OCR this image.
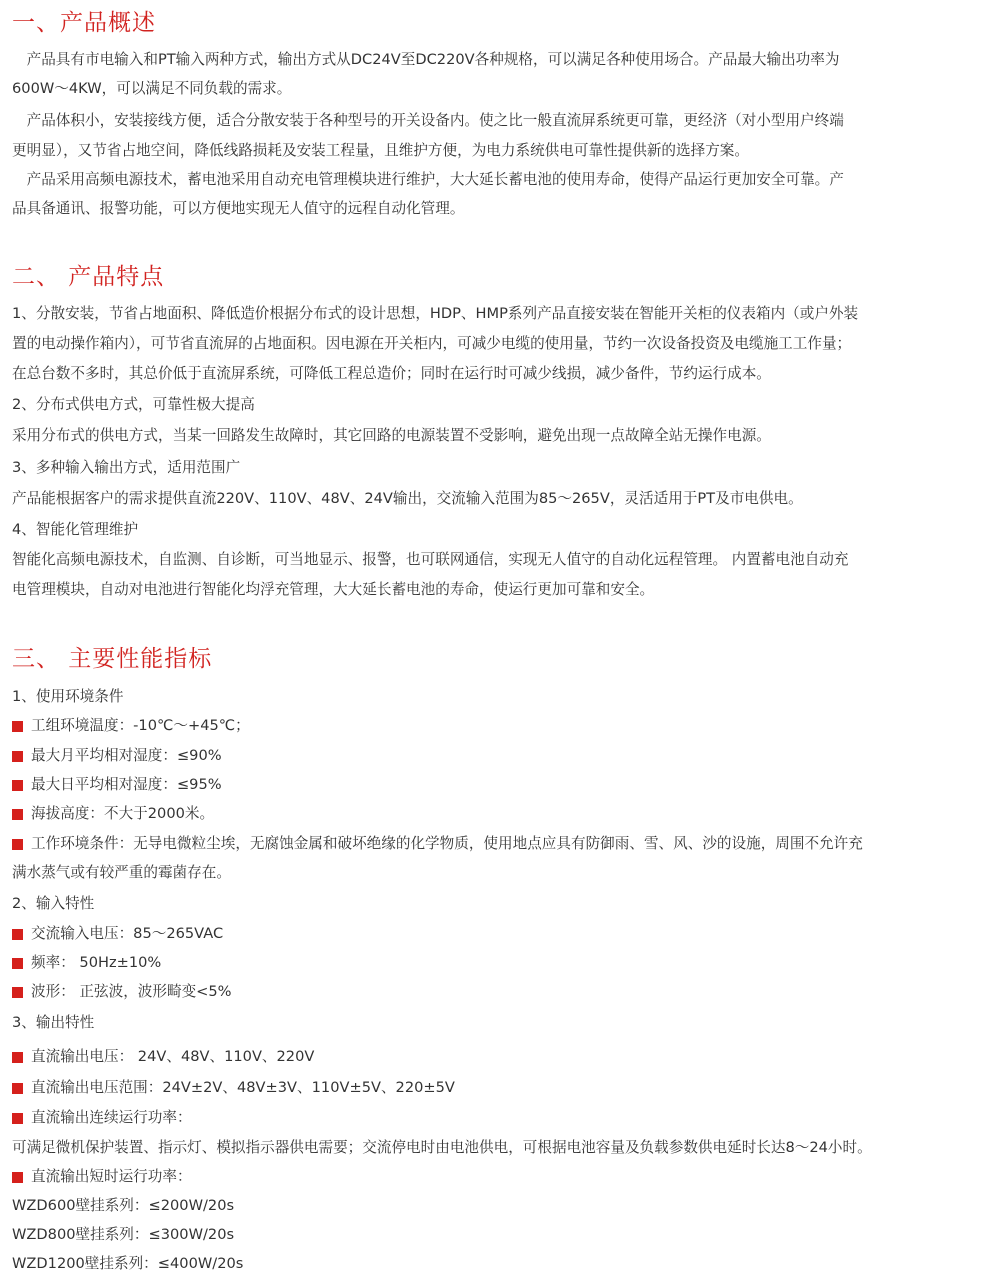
一、产品概述
　产品具有市电输入和PT输入两种方式，输出方式从DC24V至DC220V各种规格，可以满足各种使用场合。产品最大输出功率为
600W～4KW，可以满足不同负载的需求。
　产品体积小，安装接线方便，适合分散安装于各种型号的开关设备内。使之比一般直流屏系统更可靠，更经济（对小型用户终端
更明显），又节省占地空间，降低线路损耗及安装工程量，且维护方便，为电力系统供电可靠性提供新的选择方案。
　产品采用高频电源技术，蓄电池采用自动充电管理模块进行维护，大大延长蓄电池的使用寿命，使得产品运行更加安全可靠。产
品具备通讯、报警功能，可以方便地实现无人值守的远程自动化管理。
二、 产品特点
1、分散安装，节省占地面积、降低造价根据分布式的设计思想，HDP、HMP系列产品直接安装在智能开关柜的仪表箱内（或户外装
置的电动操作箱内），可节省直流屏的占地面积。因电源在开关柜内，可减少电缆的使用量，节约一次设备投资及电缆施工工作量；
在总台数不多时，其总价低于直流屏系统，可降低工程总造价；同时在运行时可减少线损，减少备件，节约运行成本。
2、分布式供电方式，可靠性极大提高
采用分布式的供电方式，当某一回路发生故障时，其它回路的电源装置不受影响，避免出现一点故障全站无操作电源。
3、多种输入输出方式，适用范围广
产品能根据客户的需求提供直流220V、110V、48V、24V输出，交流输入范围为85～265V，灵活适用于PT及市电供电。
4、智能化管理维护
智能化高频电源技术，自监测、自诊断，可当地显示、报警，也可联网通信，实现无人值守的自动化远程管理。 内置蓄电池自动充
电管理模块，自动对电池进行智能化均浮充管理，大大延长蓄电池的寿命，使运行更加可靠和安全。
三、 主要性能指标
1、使用环境条件
工组环境温度：-10℃～+45℃；
最大月平均相对湿度：≤90%
最大日平均相对湿度：≤95%
海拔高度：不大于2000米。
工作环境条件：无导电微粒尘埃，无腐蚀金属和破坏绝缘的化学物质，使用地点应具有防御雨、雪、风、沙的设施，周围不允许充
满水蒸气或有较严重的霉菌存在。
2、输入特性
交流输入电压：85～265VAC
频率： 50Hz±10%
波形： 正弦波，波形畸变<5%
3、输出特性
直流输出电压： 24V、48V、110V、220V
直流输出电压范围：24V±2V、48V±3V、110V±5V、220±5V
直流输出连续运行功率：
可满足微机保护装置、指示灯、模拟指示器供电需要；交流停电时由电池供电，可根据电池容量及负载参数供电延时长达8～24小时。
直流输出短时运行功率：
WZD600壁挂系列：≤200W/20s
WZD800壁挂系列：≤300W/20s
WZD1200壁挂系列：≤400W/20s
